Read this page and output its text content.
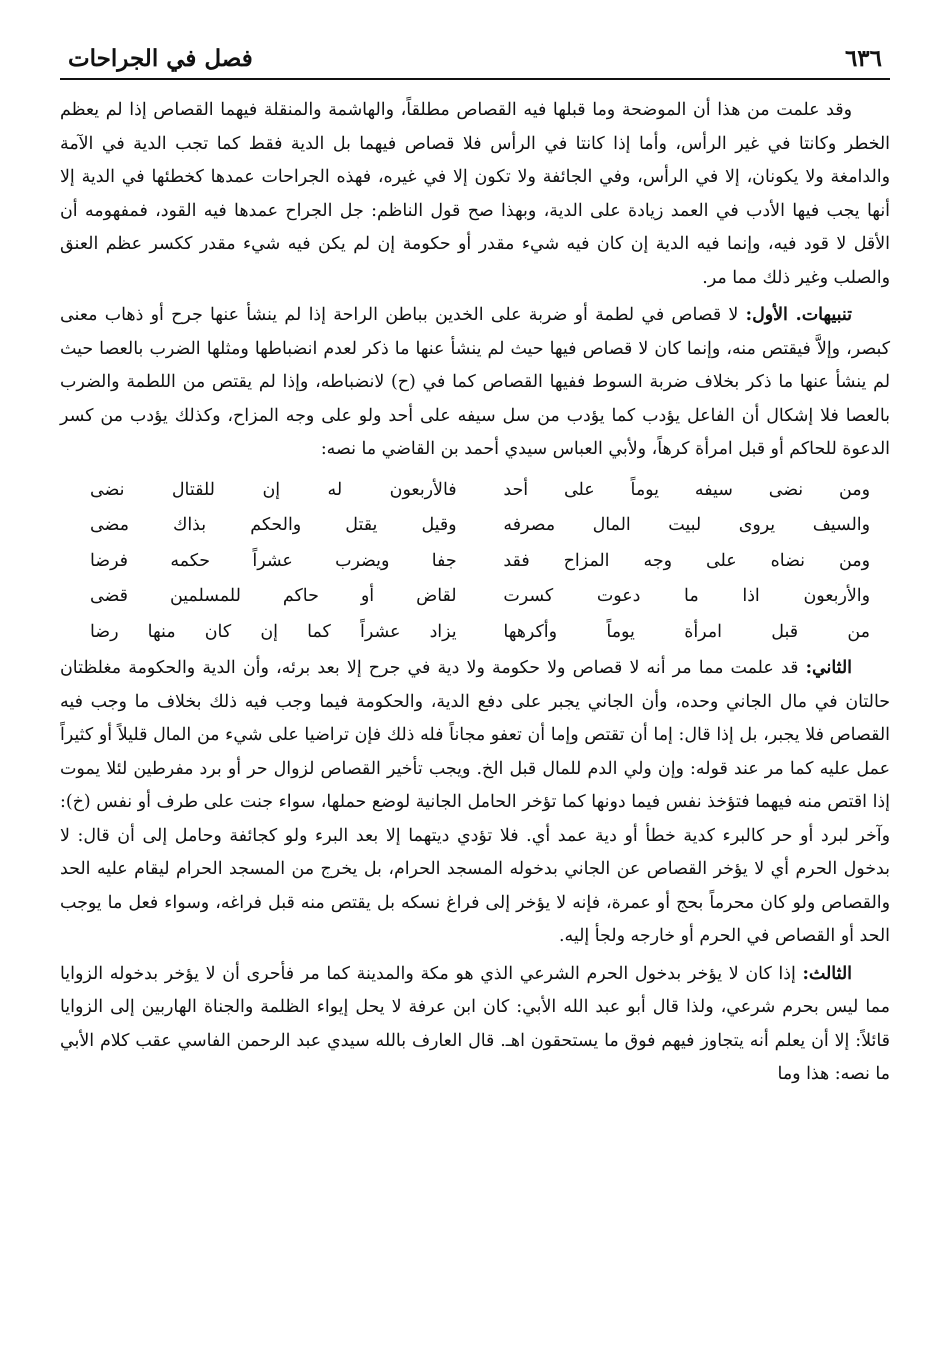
٦٣٦
فصل في الجراحات

وقد علمت من هذا أن الموضحة وما قبلها فيه القصاص مطلقاً، والهاشمة والمنقلة فيهما القصاص إذا لم يعظم الخطر وكانتا في غير الرأس، وأما إذا كانتا في الرأس فلا قصاص فيهما بل الدية فقط كما تجب الدية في الآمة والدامغة ولا يكونان، إلا في الرأس، وفي الجائفة ولا تكون إلا في غيره، فهذه الجراحات عمدها كخطئها في الدية إلا أنها يجب فيها الأدب في العمد زيادة على الدية، وبهذا صح قول الناظم: جل الجراح عمدها فيه القود، فمفهومه أن الأقل لا قود فيه، وإنما فيه الدية إن كان فيه شيء مقدر أو حكومة إن لم يكن فيه شيء مقدر ككسر عظم العنق والصلب وغير ذلك مما مر.

تنبيهات. الأول: لا قصاص في لطمة أو ضربة على الخدين بباطن الراحة إذا لم ينشأ عنها جرح أو ذهاب معنى كبصر، وإلاَّ فيقتص منه، وإنما كان لا قصاص فيها حيث لم ينشأ عنها ما ذكر لعدم انضباطها ومثلها الضرب بالعصا حيث لم ينشأ عنها ما ذكر بخلاف ضربة السوط ففيها القصاص كما في (ح) لانضباطه، وإذا لم يقتص من اللطمة والضرب بالعصا فلا إشكال أن الفاعل يؤدب كما يؤدب من سل سيفه على أحد ولو على وجه المزاح، وكذلك يؤدب من كسر الدعوة للحاكم أو قبل امرأة كرهاً، ولأبي العباس سيدي أحمد بن القاضي ما نصه:

ومن نضى سيفه يوماً على أحد
فالأربعون له إن للقتال نضى
والسيف يروى لبيت المال مصرفه
وقيل يقتل والحكم بذاك مضى
ومن نضاه على وجه المزاح فقد
جفا ويضرب عشراً حكمه فرضا
والأربعون اذا ما دعوت كسرت
لقاض أو حاكم للمسلمين قضى
من قبل امرأة يوماً وأكرهها
يزاد عشراً كما إن كان منها رضا

الثاني: قد علمت مما مر أنه لا قصاص ولا حكومة ولا دية في جرح إلا بعد برئه، وأن الدية والحكومة مغلظتان حالتان في مال الجاني وحده، وأن الجاني يجبر على دفع الدية، والحكومة فيما وجب فيه ذلك بخلاف ما وجب فيه القصاص فلا يجبر، بل إذا قال: إما أن تقتص وإما أن تعفو مجاناً فله ذلك فإن تراضيا على شيء من المال قليلاً أو كثيراً عمل عليه كما مر عند قوله: وإن ولي الدم للمال قبل الخ. ويجب تأخير القصاص لزوال حر أو برد مفرطين لئلا يموت إذا اقتص منه فيهما فتؤخذ نفس فيما دونها كما تؤخر الحامل الجانية لوضع حملها، سواء جنت على طرف أو نفس (خ): وآخر لبرد أو حر كالبرء كدية خطأ أو دية عمد أي. فلا تؤدي ديتهما إلا بعد البرء ولو كجائفة وحامل إلى أن قال: لا بدخول الحرم أي لا يؤخر القصاص عن الجاني بدخوله المسجد الحرام، بل يخرج من المسجد الحرام ليقام عليه الحد والقصاص ولو كان محرماً بحج أو عمرة، فإنه لا يؤخر إلى فراغ نسكه بل يقتص منه قبل فراغه، وسواء فعل ما يوجب الحد أو القصاص في الحرم أو خارجه ولجأ إليه.

الثالث: إذا كان لا يؤخر بدخول الحرم الشرعي الذي هو مكة والمدينة كما مر فأحرى أن لا يؤخر بدخوله الزوايا مما ليس بحرم شرعي، ولذا قال أبو عبد الله الأبي: كان ابن عرفة لا يحل إيواء الظلمة والجناة الهاربين إلى الزوايا قائلاً: إلا أن يعلم أنه يتجاوز فيهم فوق ما يستحقون اهـ. قال العارف بالله سيدي عبد الرحمن الفاسي عقب كلام الأبي ما نصه: هذا وما
